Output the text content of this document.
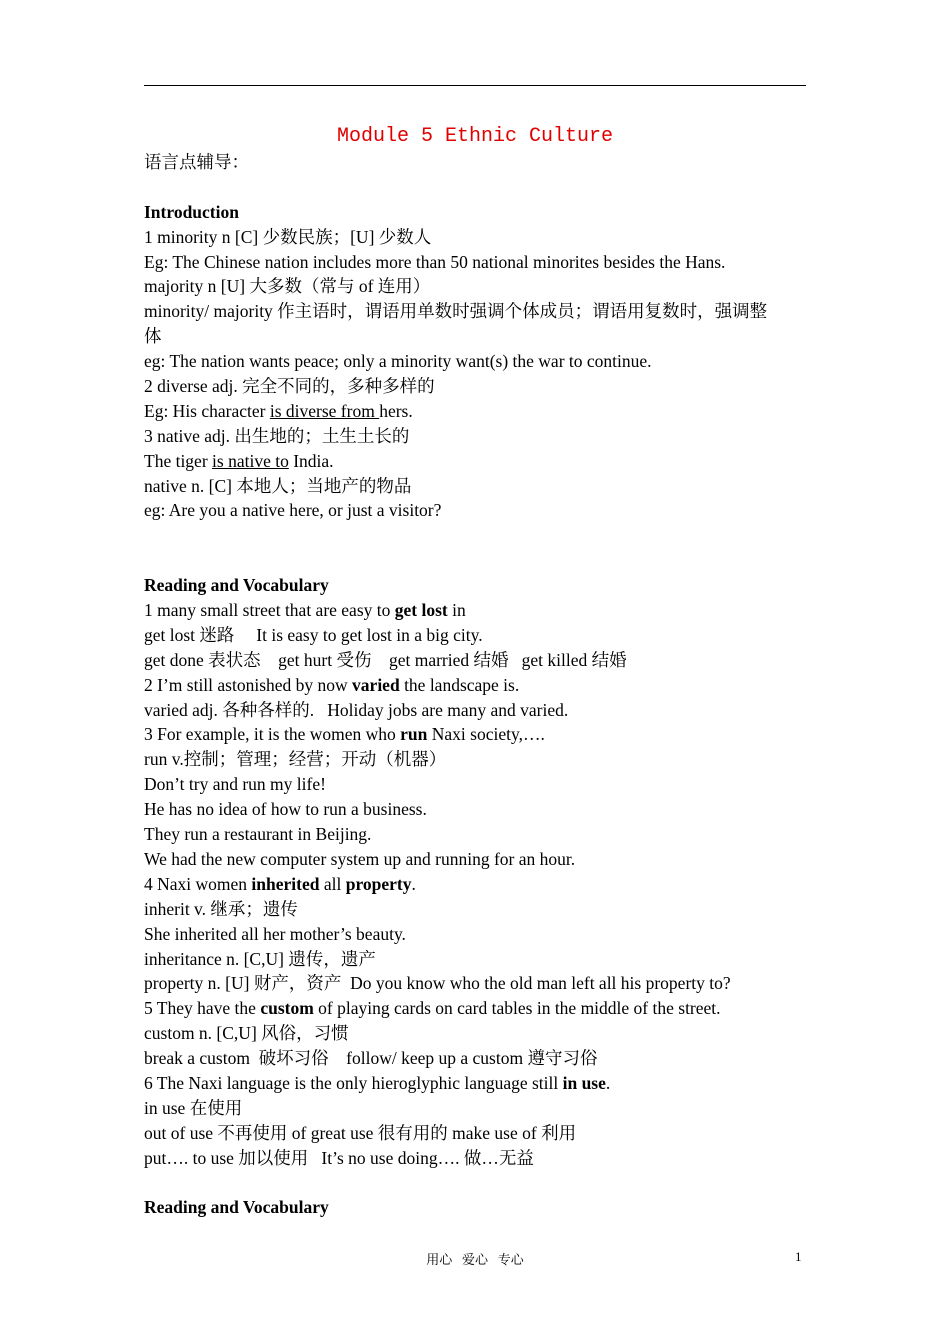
Module 5 Ethnic Culture
语言点辅导：
Introduction
1 minority n [C] 少数民族；[U] 少数人
Eg: The Chinese nation includes more than 50 national minorites besides the Hans.
majority n [U] 大多数（常与 of 连用）
minority/ majority 作主语时，谓语用单数时强调个体成员；谓语用复数时，强调整
体
eg: The nation wants peace; only a minority want(s) the war to continue.
2 diverse adj. 完全不同的，多种多样的
Eg: His character is diverse from hers.
3 native adj. 出生地的；土生土长的
The tiger is native to India.
native n. [C] 本地人；当地产的物品
eg: Are you a native here, or just a visitor?
Reading and Vocabulary
1 many small street that are easy to get lost in
get lost 迷路     It is easy to get lost in a big city.
get done 表状态    get hurt 受伤    get married 结婚   get killed 结婚
2 I’m still astonished by now varied the landscape is.
varied adj. 各种各样的.   Holiday jobs are many and varied.
3 For example, it is the women who run Naxi society,….
run v.控制；管理；经营；开动（机器）
Don’t try and run my life!
He has no idea of how to run a business.
They run a restaurant in Beijing.
We had the new computer system up and running for an hour.
4 Naxi women inherited all property.
inherit v. 继承；遗传
She inherited all her mother’s beauty.
inheritance n. [C,U] 遗传，遗产
property n. [U] 财产，资产  Do you know who the old man left all his property to?
5 They have the custom of playing cards on card tables in the middle of the street.
custom n. [C,U] 风俗，习惯
break a custom  破坏习俗    follow/ keep up a custom 遵守习俗
6 The Naxi language is the only hieroglyphic language still in use.
in use 在使用
out of use 不再使用 of great use 很有用的 make use of 利用
put…. to use 加以使用   It’s no use doing…. 做…无益
Reading and Vocabulary
用心   爱心   专心	1
